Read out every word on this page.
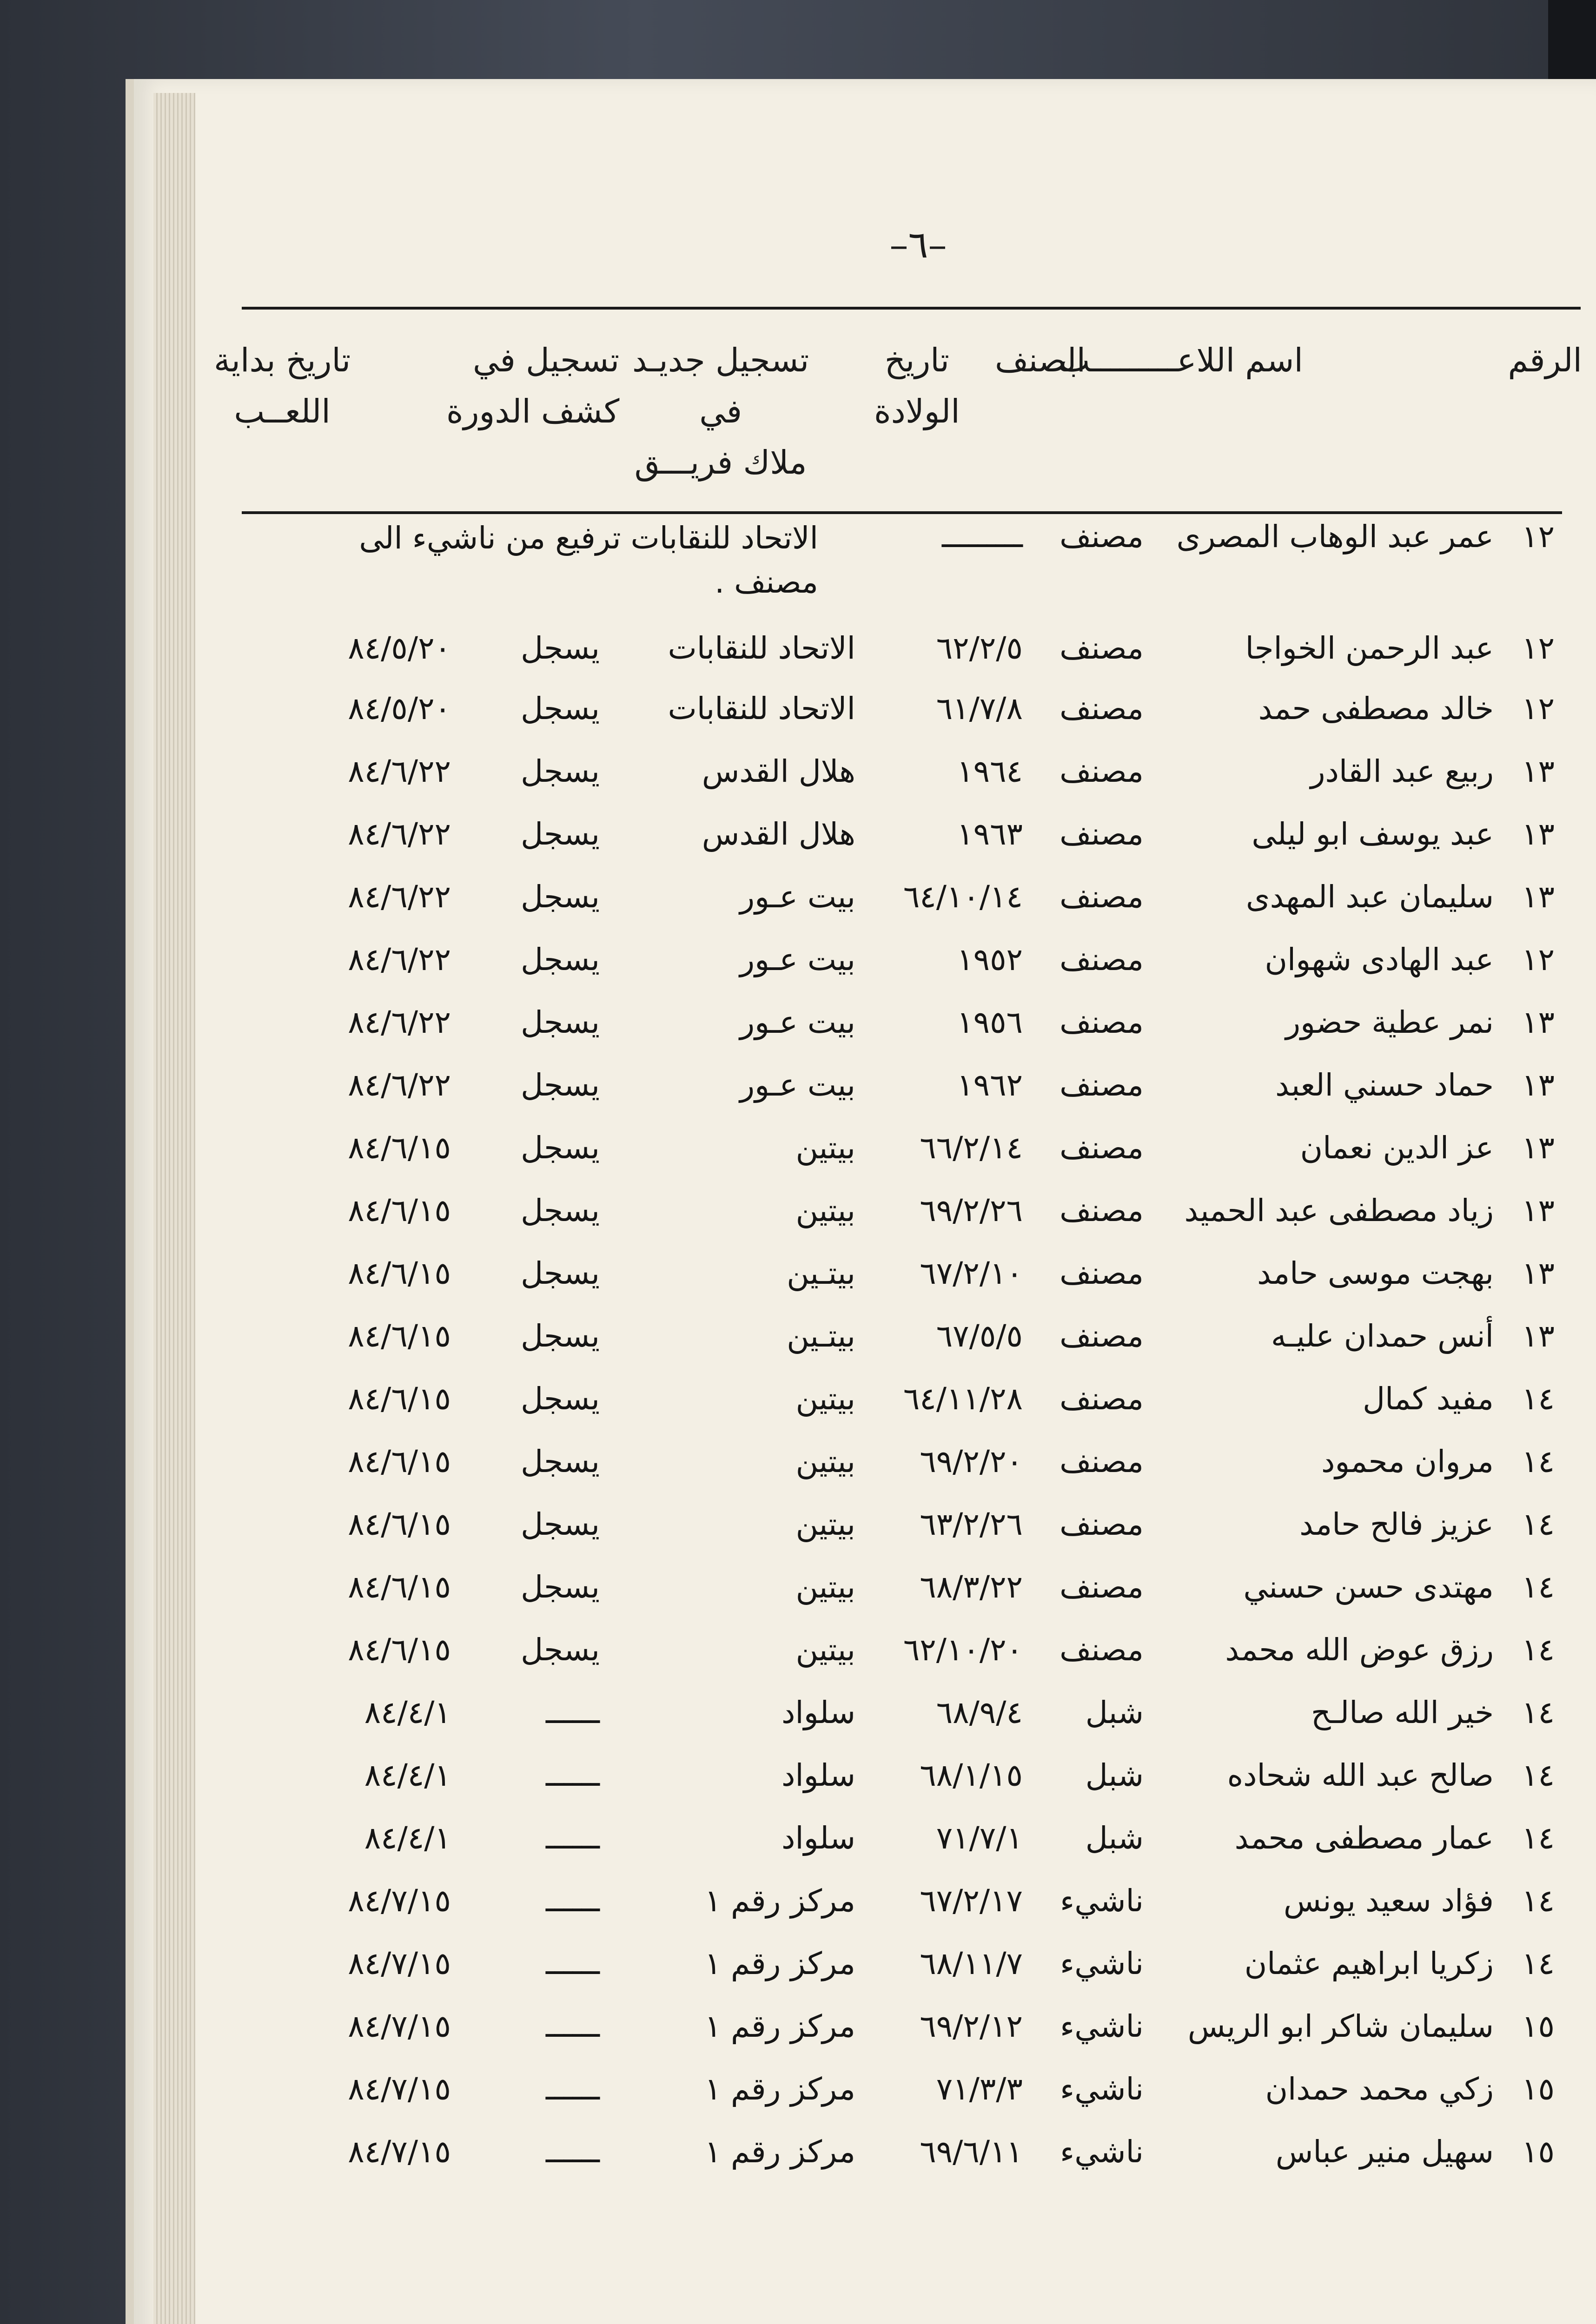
–٦–
الرقم
اسم اللاعـــــــــب
الصنف
تاريخ
الولادة
تسجيل جديـد
في
ملاك فريـــق
تسجيل في
كشف الدورة
تاريخ بداية
اللعــب
١٢
عمر عبد الوهاب المصرى
مصنف
ـــــــــ
الاتحاد للنقابات ترفيع من ناشيء الى مصنف .
١٢
عبد الرحمن الخواجا
مصنف
٦٢/٢/٥
الاتحاد للنقابات
يسجل
٨٤/٥/٢٠
١٢
خالد مصطفى حمد
مصنف
٦١/٧/٨
الاتحاد للنقابات
يسجل
٨٤/٥/٢٠
١٣
ربيع عبد القادر
مصنف
١٩٦٤
هلال القدس
يسجل
٨٤/٦/٢٢
١٣
عبد يوسف ابو ليلى
مصنف
١٩٦٣
هلال القدس
يسجل
٨٤/٦/٢٢
١٣
سليمان عبد المهدى
مصنف
٦٤/١٠/١٤
بيت عـور
يسجل
٨٤/٦/٢٢
١٢
عبد الهادى شهوان
مصنف
١٩٥٢
بيت عـور
يسجل
٨٤/٦/٢٢
١٣
نمر عطية حضور
مصنف
١٩٥٦
بيت عـور
يسجل
٨٤/٦/٢٢
١٣
حماد حسني العبد
مصنف
١٩٦٢
بيت عـور
يسجل
٨٤/٦/٢٢
١٣
عز الدين نعمان
مصنف
٦٦/٢/١٤
بيتين
يسجل
٨٤/٦/١٥
١٣
زياد مصطفى عبد الحميد
مصنف
٦٩/٢/٢٦
بيتين
يسجل
٨٤/٦/١٥
١٣
بهجت موسى حامد
مصنف
٦٧/٢/١٠
بيتـين
يسجل
٨٤/٦/١٥
١٣
أنس حمدان عليـه
مصنف
٦٧/٥/٥
بيتـين
يسجل
٨٤/٦/١٥
١٤
مفيد كمال
مصنف
٦٤/١١/٢٨
بيتين
يسجل
٨٤/٦/١٥
١٤
مروان محمود
مصنف
٦٩/٢/٢٠
بيتين
يسجل
٨٤/٦/١٥
١٤
عزيز فالح حامد
مصنف
٦٣/٢/٢٦
بيتين
يسجل
٨٤/٦/١٥
١٤
مهتدى حسن حسني
مصنف
٦٨/٣/٢٢
بيتين
يسجل
٨٤/٦/١٥
١٤
رزق عوض الله محمد
مصنف
٦٢/١٠/٢٠
بيتين
يسجل
٨٤/٦/١٥
١٤
خير الله صالـح
شبل
٦٨/٩/٤
سلواد
ــــــ
٨٤/٤/١
١٤
صالح عبد الله شحاده
شبل
٦٨/١/١٥
سلواد
ــــــ
٨٤/٤/١
١٤
عمار مصطفى محمد
شبل
٧١/٧/١
سلواد
ــــــ
٨٤/٤/١
١٤
فؤاد سعيد يونس
ناشيء
٦٧/٢/١٧
مركز رقم ١
ــــــ
٨٤/٧/١٥
١٤
زكريا ابراهيم عثمان
ناشيء
٦٨/١١/٧
مركز رقم ١
ــــــ
٨٤/٧/١٥
١٥
سليمان شاكر ابو الريس
ناشيء
٦٩/٢/١٢
مركز رقم ١
ــــــ
٨٤/٧/١٥
١٥
زكي محمد حمدان
ناشيء
٧١/٣/٣
مركز رقم ١
ــــــ
٨٤/٧/١٥
١٥
سهيل منير عباس
ناشيء
٦٩/٦/١١
مركز رقم ١
ــــــ
٨٤/٧/١٥
